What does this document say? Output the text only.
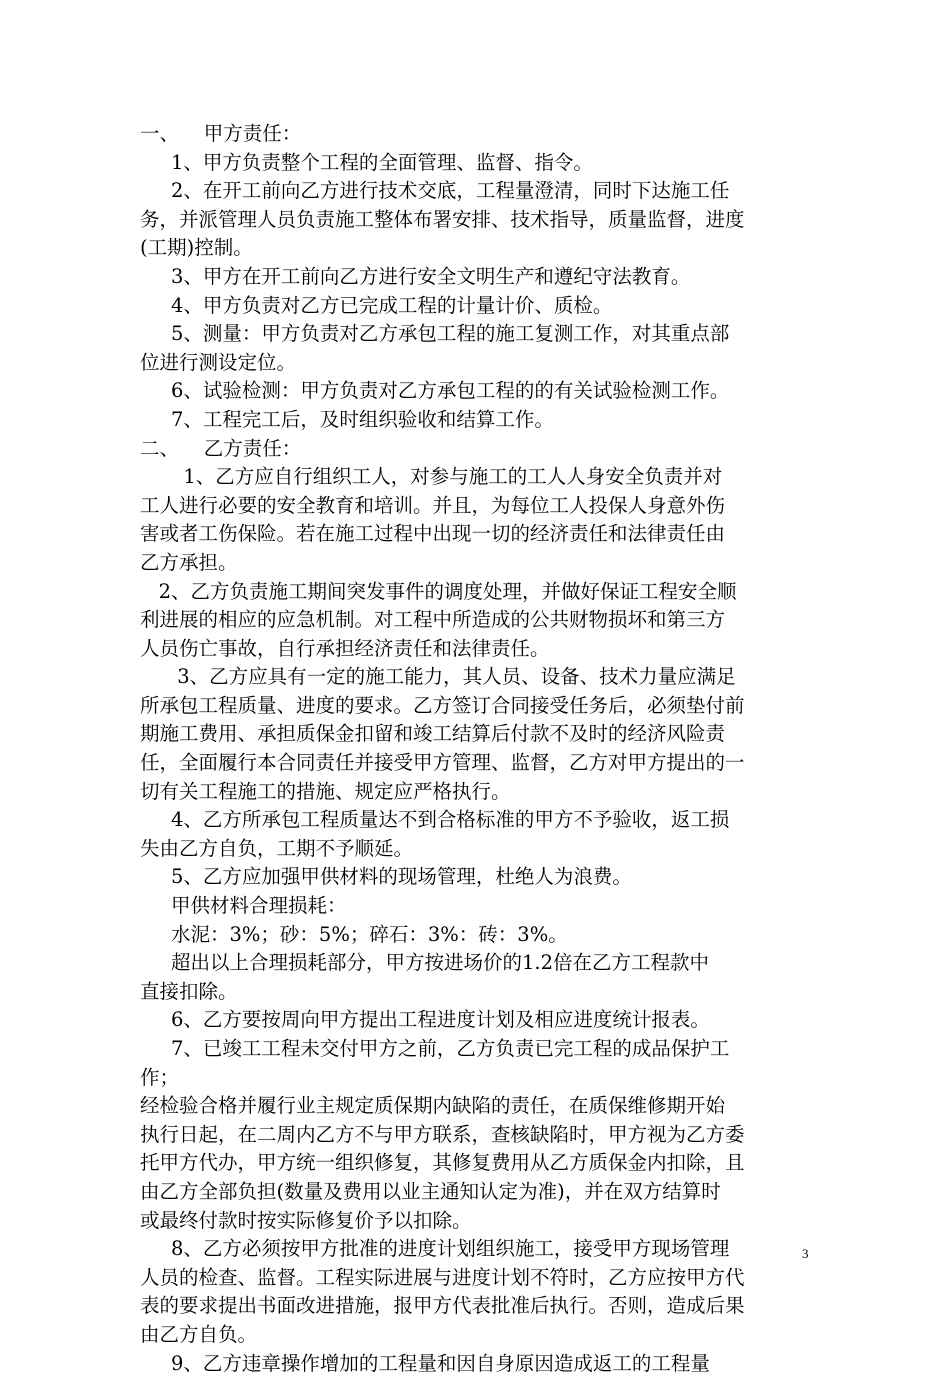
一、    甲方责任：
1、甲方负责整个工程的全面管理、监督、指令。
2、在开工前向乙方进行技术交底，工程量澄清，同时下达施工任
务，并派管理人员负责施工整体布署安排、技术指导，质量监督，进度
(工期)控制。
3、甲方在开工前向乙方进行安全文明生产和遵纪守法教育。
4、甲方负责对乙方已完成工程的计量计价、质检。
5、测量：甲方负责对乙方承包工程的施工复测工作，对其重点部
位进行测设定位。
6、试验检测：甲方负责对乙方承包工程的的有关试验检测工作。
7、工程完工后，及时组织验收和结算工作。
二、    乙方责任：
1、乙方应自行组织工人，对参与施工的工人人身安全负责并对
工人进行必要的安全教育和培训。并且，为每位工人投保人身意外伤
害或者工伤保险。若在施工过程中出现一切的经济责任和法律责任由
乙方承担。
2、乙方负责施工期间突发事件的调度处理，并做好保证工程安全顺
利进展的相应的应急机制。对工程中所造成的公共财物损坏和第三方
人员伤亡事故，自行承担经济责任和法律责任。
3、乙方应具有一定的施工能力，其人员、设备、技术力量应满足
所承包工程质量、进度的要求。乙方签订合同接受任务后，必须垫付前
期施工费用、承担质保金扣留和竣工结算后付款不及时的经济风险责
任，全面履行本合同责任并接受甲方管理、监督，乙方对甲方提出的一
切有关工程施工的措施、规定应严格执行。
4、乙方所承包工程质量达不到合格标准的甲方不予验收，返工损
失由乙方自负，工期不予顺延。
5、乙方应加强甲供材料的现场管理，杜绝人为浪费。
甲供材料合理损耗：
水泥：3%；砂：5%；碎石：3%：砖：3%。
超出以上合理损耗部分，甲方按进场价的1.2倍在乙方工程款中
直接扣除。
6、乙方要按周向甲方提出工程进度计划及相应进度统计报表。
7、已竣工工程未交付甲方之前，乙方负责已完工程的成品保护工
作；
经检验合格并履行业主规定质保期内缺陷的责任，在质保维修期开始
执行日起，在二周内乙方不与甲方联系，查核缺陷时，甲方视为乙方委
托甲方代办，甲方统一组织修复，其修复费用从乙方质保金内扣除，且
由乙方全部负担(数量及费用以业主通知认定为准)，并在双方结算时
或最终付款时按实际修复价予以扣除。
8、乙方必须按甲方批准的进度计划组织施工，接受甲方现场管理
人员的检查、监督。工程实际进展与进度计划不符时，乙方应按甲方代
表的要求提出书面改进措施，报甲方代表批准后执行。否则，造成后果
由乙方自负。
9、乙方违章操作增加的工程量和因自身原因造成返工的工程量
3
